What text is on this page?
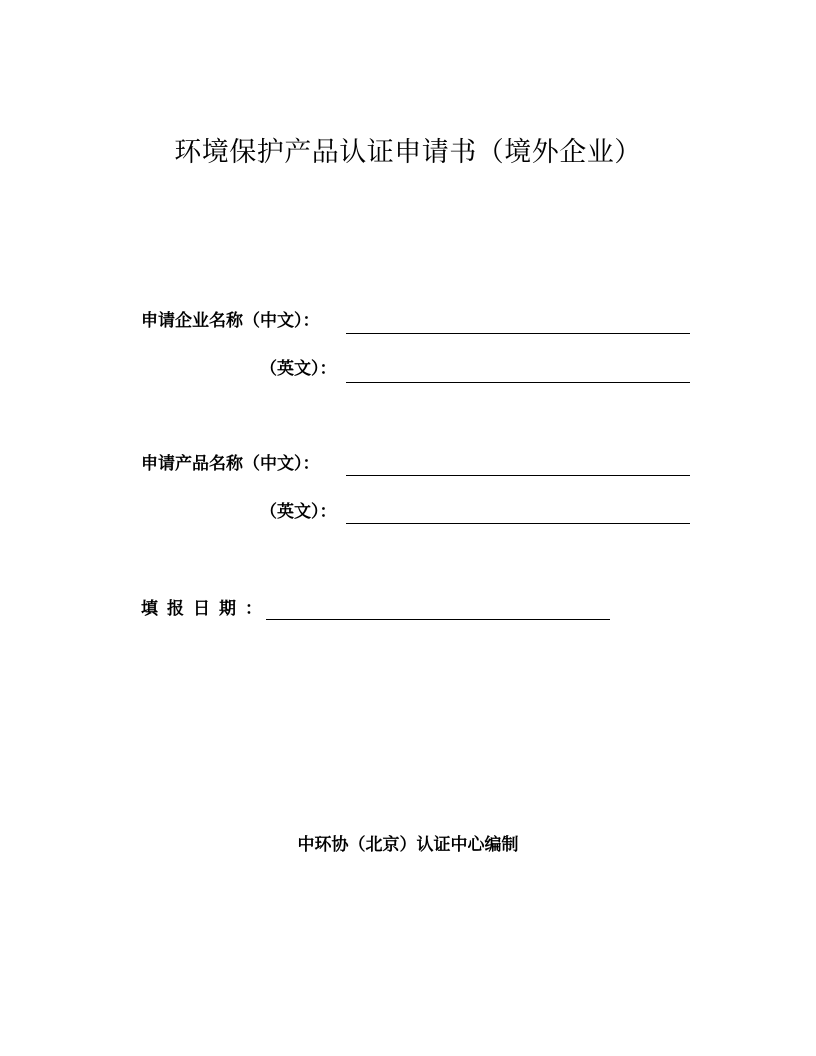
环境保护产品认证申请书（境外企业）
申请企业名称（中文）：
（英文）：
申请产品名称（中文）：
（英文）：
填报日期：
中环协（北京）认证中心编制
